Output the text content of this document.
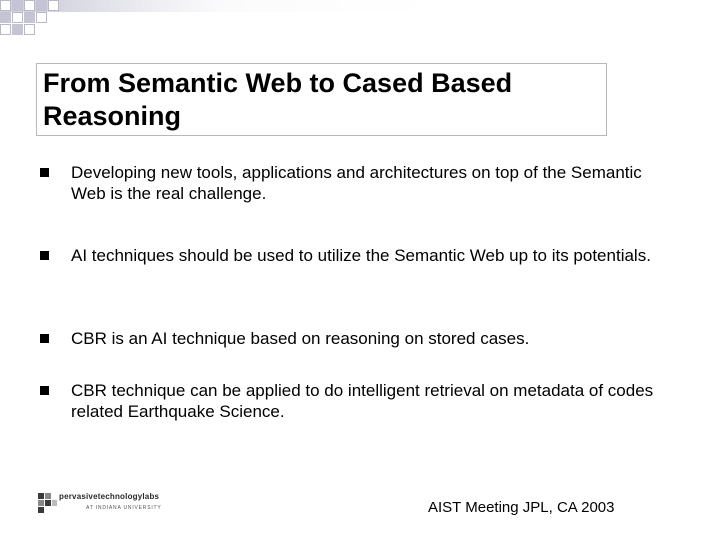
From Semantic Web to Cased Based Reasoning
Developing new tools, applications and architectures on top of the Semantic Web is the real challenge.
AI techniques should be used to utilize the Semantic Web up to its potentials.
CBR is an AI technique based on reasoning on stored cases.
CBR technique can be applied to do intelligent retrieval on metadata of codes related Earthquake Science.
pervasivetechnologylabs
AT INDIANA UNIVERSITY	AIST Meeting JPL, CA 2003
